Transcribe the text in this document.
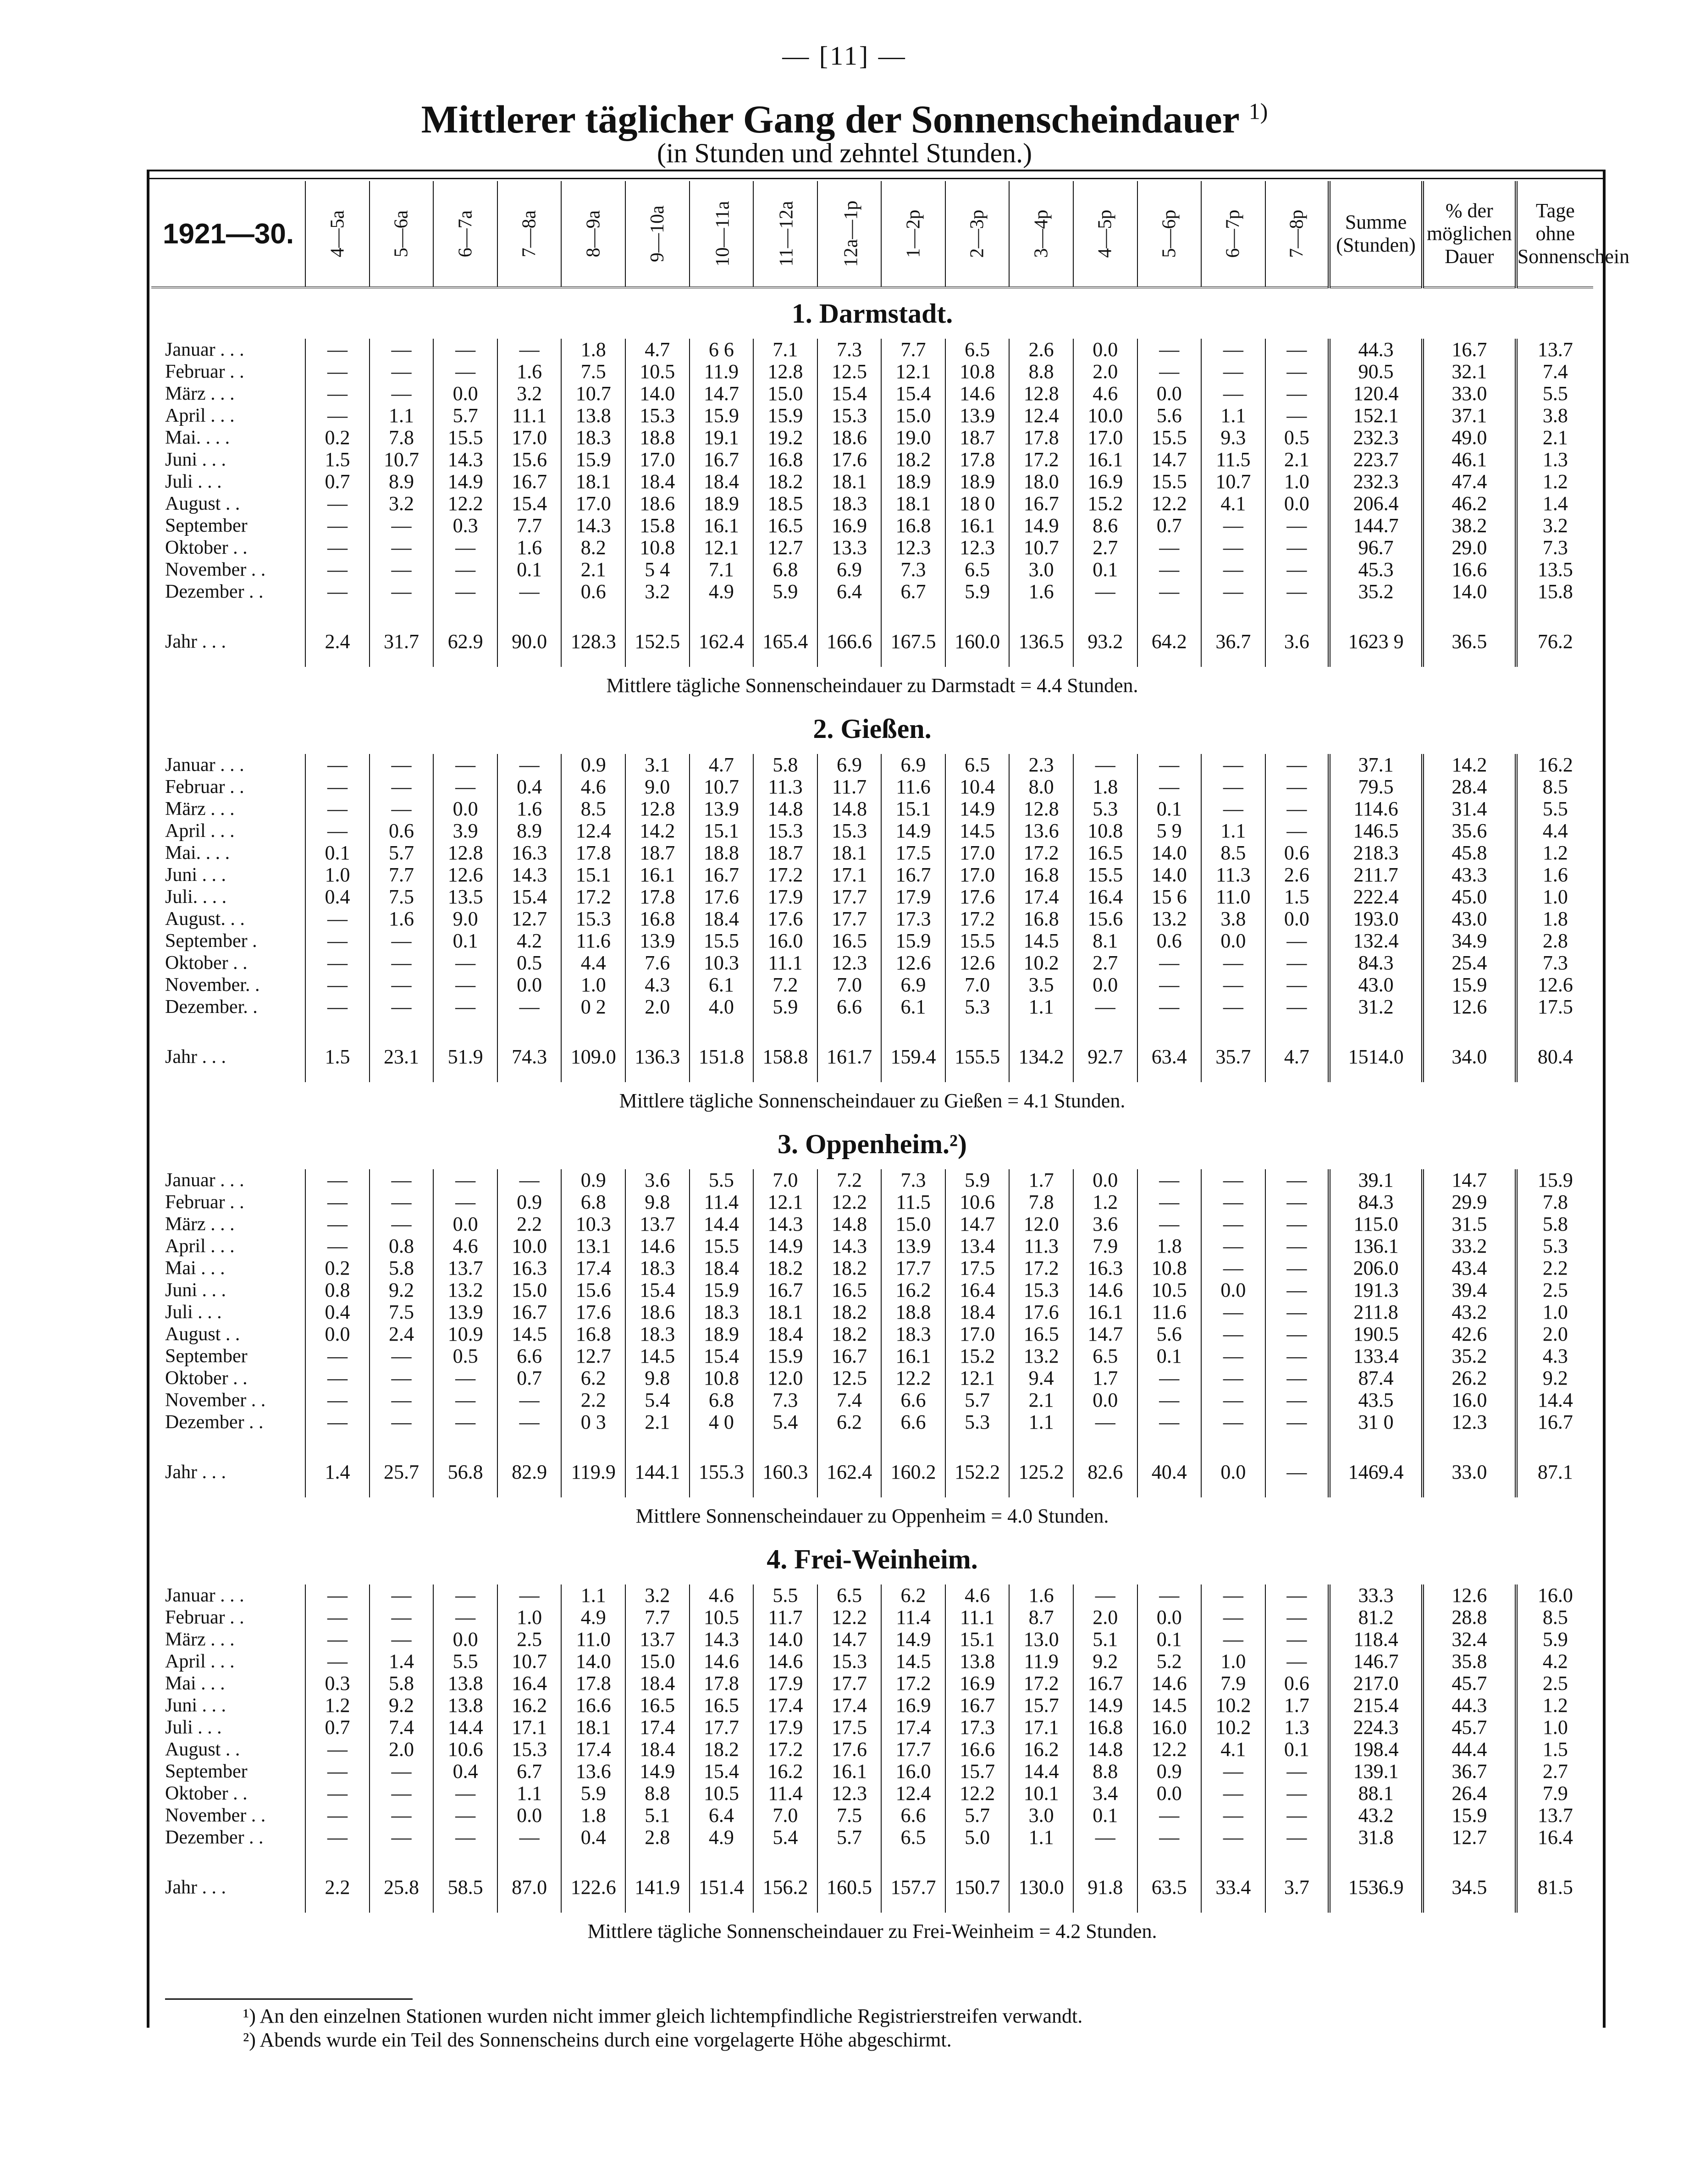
— [11] —
Mittlerer täglicher Gang der Sonnenscheindauer $^{1)}$
(in Stunden und zehntel Stunden.)
1921—30.	4—5a	5—6a	6—7a	7—8a	8—9a	9—10a	10—11a	11—12a	12a—1p	1—2p	2—3p	3—4p	4—5p	5—6p	6—7p	7—8p	Summe (Stunden)	% der möglichen Dauer	Tage ohne Sonnenschein
1. Darmstadt.																			
Januar . . .	—	—	—	—	1.8	4.7	6 6	7.1	7.3	7.7	6.5	2.6	0.0	—	—	—	44.3	16.7	13.7
Februar . .	—	—	—	1.6	7.5	10.5	11.9	12.8	12.5	12.1	10.8	8.8	2.0	—	—	—	90.5	32.1	7.4
März . . .	—	—	0.0	3.2	10.7	14.0	14.7	15.0	15.4	15.4	14.6	12.8	4.6	0.0	—	—	120.4	33.0	5.5
April . . .	—	1.1	5.7	11.1	13.8	15.3	15.9	15.9	15.3	15.0	13.9	12.4	10.0	5.6	1.1	—	152.1	37.1	3.8
Mai. . . .	0.2	7.8	15.5	17.0	18.3	18.8	19.1	19.2	18.6	19.0	18.7	17.8	17.0	15.5	9.3	0.5	232.3	49.0	2.1
Juni . . .	1.5	10.7	14.3	15.6	15.9	17.0	16.7	16.8	17.6	18.2	17.8	17.2	16.1	14.7	11.5	2.1	223.7	46.1	1.3
Juli . . .	0.7	8.9	14.9	16.7	18.1	18.4	18.4	18.2	18.1	18.9	18.9	18.0	16.9	15.5	10.7	1.0	232.3	47.4	1.2
August . .	—	3.2	12.2	15.4	17.0	18.6	18.9	18.5	18.3	18.1	18 0	16.7	15.2	12.2	4.1	0.0	206.4	46.2	1.4
September	—	—	0.3	7.7	14.3	15.8	16.1	16.5	16.9	16.8	16.1	14.9	8.6	0.7	—	—	144.7	38.2	3.2
Oktober . .	—	—	—	1.6	8.2	10.8	12.1	12.7	13.3	12.3	12.3	10.7	2.7	—	—	—	96.7	29.0	7.3
November . .	—	—	—	0.1	2.1	5 4	7.1	6.8	6.9	7.3	6.5	3.0	0.1	—	—	—	45.3	16.6	13.5
Dezember . .	—	—	—	—	0.6	3.2	4.9	5.9	6.4	6.7	5.9	1.6	—	—	—	—	35.2	14.0	15.8

Jahr . . .	2.4	31.7	62.9	90.0	128.3	152.5	162.4	165.4	166.6	167.5	160.0	136.5	93.2	64.2	36.7	3.6	1623 9	36.5	76.2
Mittlere tägliche Sonnenscheindauer zu Darmstadt = 4.4 Stunden.																			
2. Gießen.																			
Januar . . .	—	—	—	—	0.9	3.1	4.7	5.8	6.9	6.9	6.5	2.3	—	—	—	—	37.1	14.2	16.2
Februar . .	—	—	—	0.4	4.6	9.0	10.7	11.3	11.7	11.6	10.4	8.0	1.8	—	—	—	79.5	28.4	8.5
März . . .	—	—	0.0	1.6	8.5	12.8	13.9	14.8	14.8	15.1	14.9	12.8	5.3	0.1	—	—	114.6	31.4	5.5
April . . .	—	0.6	3.9	8.9	12.4	14.2	15.1	15.3	15.3	14.9	14.5	13.6	10.8	5 9	1.1	—	146.5	35.6	4.4
Mai. . . .	0.1	5.7	12.8	16.3	17.8	18.7	18.8	18.7	18.1	17.5	17.0	17.2	16.5	14.0	8.5	0.6	218.3	45.8	1.2
Juni . . .	1.0	7.7	12.6	14.3	15.1	16.1	16.7	17.2	17.1	16.7	17.0	16.8	15.5	14.0	11.3	2.6	211.7	43.3	1.6
Juli. . . .	0.4	7.5	13.5	15.4	17.2	17.8	17.6	17.9	17.7	17.9	17.6	17.4	16.4	15 6	11.0	1.5	222.4	45.0	1.0
August. . .	—	1.6	9.0	12.7	15.3	16.8	18.4	17.6	17.7	17.3	17.2	16.8	15.6	13.2	3.8	0.0	193.0	43.0	1.8
September .	—	—	0.1	4.2	11.6	13.9	15.5	16.0	16.5	15.9	15.5	14.5	8.1	0.6	0.0	—	132.4	34.9	2.8
Oktober . .	—	—	—	0.5	4.4	7.6	10.3	11.1	12.3	12.6	12.6	10.2	2.7	—	—	—	84.3	25.4	7.3
November. .	—	—	—	0.0	1.0	4.3	6.1	7.2	7.0	6.9	7.0	3.5	0.0	—	—	—	43.0	15.9	12.6
Dezember. .	—	—	—	—	0 2	2.0	4.0	5.9	6.6	6.1	5.3	1.1	—	—	—	—	31.2	12.6	17.5

Jahr . . .	1.5	23.1	51.9	74.3	109.0	136.3	151.8	158.8	161.7	159.4	155.5	134.2	92.7	63.4	35.7	4.7	1514.0	34.0	80.4
Mittlere tägliche Sonnenscheindauer zu Gießen = 4.1 Stunden.																			
3. Oppenheim.²)																			
Januar . . .	—	—	—	—	0.9	3.6	5.5	7.0	7.2	7.3	5.9	1.7	0.0	—	—	—	39.1	14.7	15.9
Februar . .	—	—	—	0.9	6.8	9.8	11.4	12.1	12.2	11.5	10.6	7.8	1.2	—	—	—	84.3	29.9	7.8
März . . .	—	—	0.0	2.2	10.3	13.7	14.4	14.3	14.8	15.0	14.7	12.0	3.6	—	—	—	115.0	31.5	5.8
April . . .	—	0.8	4.6	10.0	13.1	14.6	15.5	14.9	14.3	13.9	13.4	11.3	7.9	1.8	—	—	136.1	33.2	5.3
Mai . . .	0.2	5.8	13.7	16.3	17.4	18.3	18.4	18.2	18.2	17.7	17.5	17.2	16.3	10.8	—	—	206.0	43.4	2.2
Juni . . .	0.8	9.2	13.2	15.0	15.6	15.4	15.9	16.7	16.5	16.2	16.4	15.3	14.6	10.5	0.0	—	191.3	39.4	2.5
Juli . . .	0.4	7.5	13.9	16.7	17.6	18.6	18.3	18.1	18.2	18.8	18.4	17.6	16.1	11.6	—	—	211.8	43.2	1.0
August . .	0.0	2.4	10.9	14.5	16.8	18.3	18.9	18.4	18.2	18.3	17.0	16.5	14.7	5.6	—	—	190.5	42.6	2.0
September	—	—	0.5	6.6	12.7	14.5	15.4	15.9	16.7	16.1	15.2	13.2	6.5	0.1	—	—	133.4	35.2	4.3
Oktober . .	—	—	—	0.7	6.2	9.8	10.8	12.0	12.5	12.2	12.1	9.4	1.7	—	—	—	87.4	26.2	9.2
November . .	—	—	—	—	2.2	5.4	6.8	7.3	7.4	6.6	5.7	2.1	0.0	—	—	—	43.5	16.0	14.4
Dezember . .	—	—	—	—	0 3	2.1	4 0	5.4	6.2	6.6	5.3	1.1	—	—	—	—	31 0	12.3	16.7

Jahr . . .	1.4	25.7	56.8	82.9	119.9	144.1	155.3	160.3	162.4	160.2	152.2	125.2	82.6	40.4	0.0	—	1469.4	33.0	87.1
Mittlere Sonnenscheindauer zu Oppenheim = 4.0 Stunden.																			
4. Frei-Weinheim.																			
Januar . . .	—	—	—	—	1.1	3.2	4.6	5.5	6.5	6.2	4.6	1.6	—	—	—	—	33.3	12.6	16.0
Februar . .	—	—	—	1.0	4.9	7.7	10.5	11.7	12.2	11.4	11.1	8.7	2.0	0.0	—	—	81.2	28.8	8.5
März . . .	—	—	0.0	2.5	11.0	13.7	14.3	14.0	14.7	14.9	15.1	13.0	5.1	0.1	—	—	118.4	32.4	5.9
April . . .	—	1.4	5.5	10.7	14.0	15.0	14.6	14.6	15.3	14.5	13.8	11.9	9.2	5.2	1.0	—	146.7	35.8	4.2
Mai . . .	0.3	5.8	13.8	16.4	17.8	18.4	17.8	17.9	17.7	17.2	16.9	17.2	16.7	14.6	7.9	0.6	217.0	45.7	2.5
Juni . . .	1.2	9.2	13.8	16.2	16.6	16.5	16.5	17.4	17.4	16.9	16.7	15.7	14.9	14.5	10.2	1.7	215.4	44.3	1.2
Juli . . .	0.7	7.4	14.4	17.1	18.1	17.4	17.7	17.9	17.5	17.4	17.3	17.1	16.8	16.0	10.2	1.3	224.3	45.7	1.0
August . .	—	2.0	10.6	15.3	17.4	18.4	18.2	17.2	17.6	17.7	16.6	16.2	14.8	12.2	4.1	0.1	198.4	44.4	1.5
September	—	—	0.4	6.7	13.6	14.9	15.4	16.2	16.1	16.0	15.7	14.4	8.8	0.9	—	—	139.1	36.7	2.7
Oktober . .	—	—	—	1.1	5.9	8.8	10.5	11.4	12.3	12.4	12.2	10.1	3.4	0.0	—	—	88.1	26.4	7.9
November . .	—	—	—	0.0	1.8	5.1	6.4	7.0	7.5	6.6	5.7	3.0	0.1	—	—	—	43.2	15.9	13.7
Dezember . .	—	—	—	—	0.4	2.8	4.9	5.4	5.7	6.5	5.0	1.1	—	—	—	—	31.8	12.7	16.4

Jahr . . .	2.2	25.8	58.5	87.0	122.6	141.9	151.4	156.2	160.5	157.7	150.7	130.0	91.8	63.5	33.4	3.7	1536.9	34.5	81.5
Mittlere tägliche Sonnenscheindauer zu Frei-Weinheim = 4.2 Stunden.																			
¹) An den einzelnen Stationen wurden nicht immer gleich lichtempfindliche Registrierstreifen verwandt.
²) Abends wurde ein Teil des Sonnenscheins durch eine vorgelagerte Höhe abgeschirmt.
